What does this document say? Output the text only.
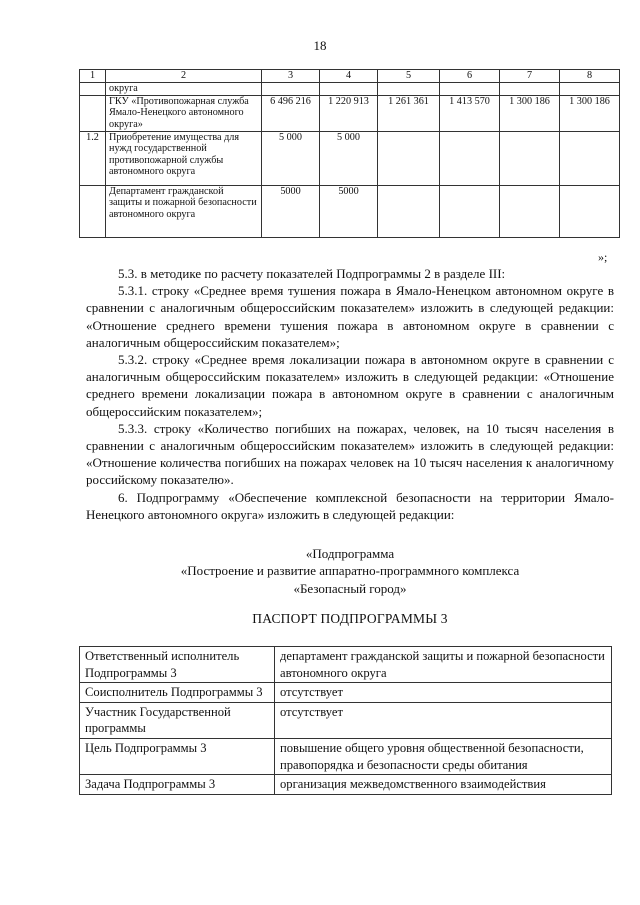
18
1	2	3	4	5	6	7	8
	округа						
	ГКУ «Противопожарная служба Ямало-Ненецкого автономного округа»	6 496 216	1 220 913	1 261 361	1 413 570	1 300 186	1 300 186
1.2	Приобретение имущества для нужд государственной противопожарной службы автономного округа	5 000	5 000				
	Департамент гражданской защиты и пожарной безопасности автономного округа	5000	5000				
»;

5.3. в методике по расчету показателей Подпрограммы 2 в разделе III:

5.3.1. строку «Среднее время тушения пожара в Ямало-Ненецком автономном округе в сравнении с аналогичным общероссийским показателем» изложить в следующей редакции: «Отношение среднего времени тушения пожара в автономном округе в сравнении с аналогичным общероссийским показателем»;

5.3.2. строку «Среднее время локализации пожара в автономном округе в сравнении с аналогичным общероссийским показателем» изложить в следующей редакции: «Отношение среднего времени локализации пожара в автономном округе в сравнении с аналогичным общероссийским показателем»;

5.3.3. строку «Количество погибших на пожарах, человек, на 10 тысяч населения в сравнении с аналогичным общероссийским показателем» изложить в следующей редакции: «Отношение количества погибших на пожарах человек на 10 тысяч населения к аналогичному российскому показателю».

6. Подпрограмму «Обеспечение комплексной безопасности на территории Ямало-Ненецкого автономного округа» изложить в следующей редакции:

«Подпрограмма
«Построение и развитие аппаратно-программного комплекса
«Безопасный город»
ПАСПОРТ ПОДПРОГРАММЫ 3
Ответственный исполнитель Подпрограммы 3	департамент гражданской защиты и пожарной безопасности автономного округа
Соисполнитель Подпрограммы 3	отсутствует
Участник Государственной программы	отсутствует
Цель Подпрограммы 3	повышение общего уровня общественной безопасности, правопорядка и безопасности среды обитания
Задача Подпрограммы 3	организация межведомственного взаимодействия
